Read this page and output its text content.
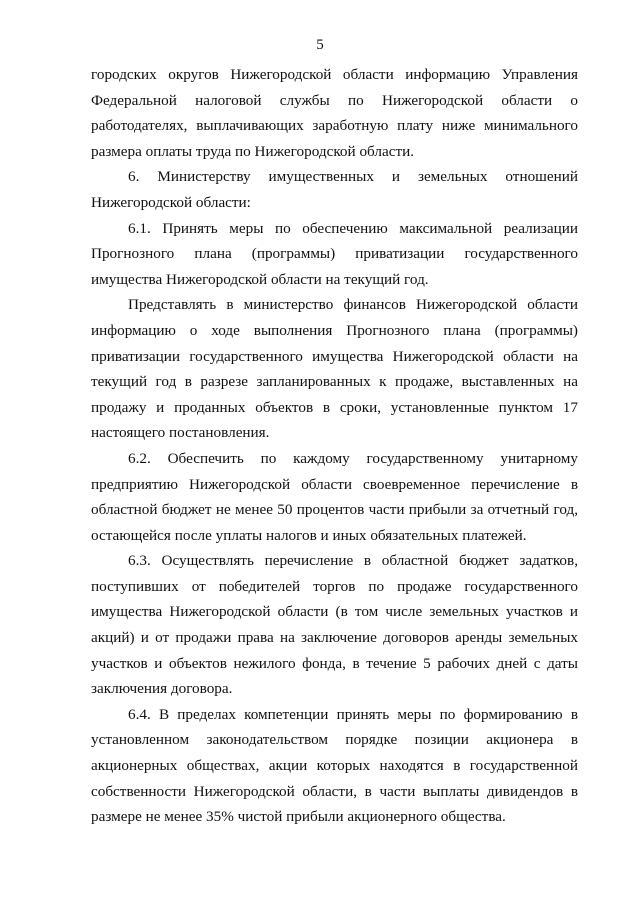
5

городских округов Нижегородской области информацию Управления Федеральной налоговой службы по Нижегородской области о работодателях, выплачивающих заработную плату ниже минимального размера оплаты труда по Нижегородской области.

6. Министерству имущественных и земельных отношений Нижегородской области:

6.1. Принять меры по обеспечению максимальной реализации Прогнозного плана (программы) приватизации государственного имущества Нижегородской области на текущий год.

Представлять в министерство финансов Нижегородской области информацию о ходе выполнения Прогнозного плана (программы) приватизации государственного имущества Нижегородской области на текущий год в разрезе запланированных к продаже, выставленных на продажу и проданных объектов в сроки, установленные пунктом 17 настоящего постановления.

6.2. Обеспечить по каждому государственному унитарному предприятию Нижегородской области своевременное перечисление в областной бюджет не менее 50 процентов части прибыли за отчетный год, остающейся после уплаты налогов и иных обязательных платежей.

6.3. Осуществлять перечисление в областной бюджет задатков, поступивших от победителей торгов по продаже государственного имущества Нижегородской области (в том числе земельных участков и акций) и от продажи права на заключение договоров аренды земельных участков и объектов нежилого фонда, в течение 5 рабочих дней с даты заключения договора.

6.4. В пределах компетенции принять меры по формированию в установленном законодательством порядке позиции акционера в акционерных обществах, акции которых находятся в государственной собственности Нижегородской области, в части выплаты дивидендов в размере не менее 35% чистой прибыли акционерного общества.
